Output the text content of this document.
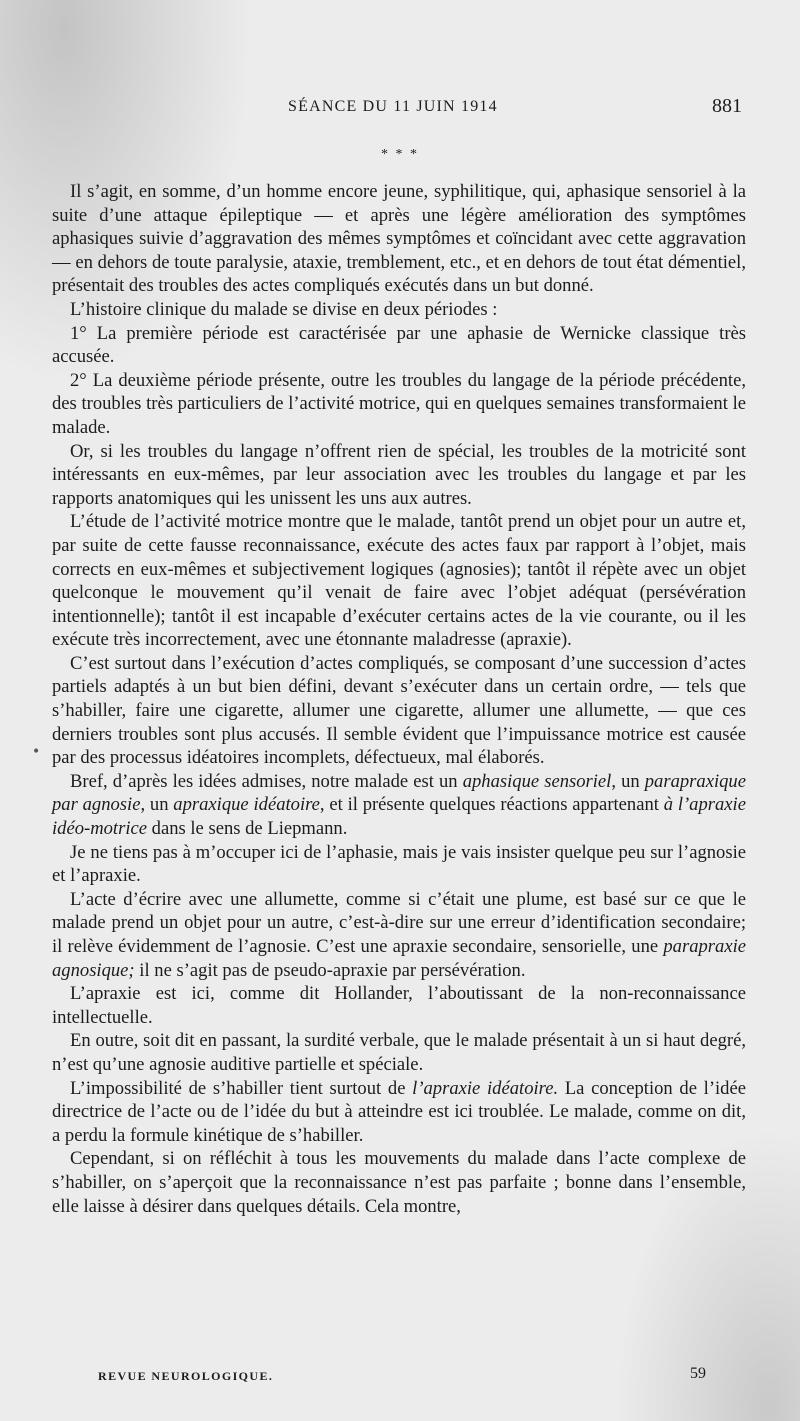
SÉANCE DU 11 JUIN 1914	881
* * *
•

Il s’agit, en somme, d’un homme encore jeune, syphilitique, qui, aphasique sensoriel à la suite d’une attaque épileptique — et après une légère amélioration des symptômes aphasiques suivie d’aggravation des mêmes symptômes et coïncidant avec cette aggravation — en dehors de toute paralysie, ataxie, tremblement, etc., et en dehors de tout état démentiel, présentait des troubles des actes compliqués exécutés dans un but donné.

L’histoire clinique du malade se divise en deux périodes :

1° La première période est caractérisée par une aphasie de Wernicke classique très accusée.

2° La deuxième période présente, outre les troubles du langage de la période précédente, des troubles très particuliers de l’activité motrice, qui en quelques semaines transformaient le malade.

Or, si les troubles du langage n’offrent rien de spécial, les troubles de la motricité sont intéressants en eux-mêmes, par leur association avec les troubles du langage et par les rapports anatomiques qui les unissent les uns aux autres.

L’étude de l’activité motrice montre que le malade, tantôt prend un objet pour un autre et, par suite de cette fausse reconnaissance, exécute des actes faux par rapport à l’objet, mais corrects en eux-mêmes et subjectivement logiques (agnosies); tantôt il répète avec un objet quelconque le mouvement qu’il venait de faire avec l’objet adéquat (persévération intentionnelle); tantôt il est incapable d’exécuter certains actes de la vie courante, ou il les exécute très incorrectement, avec une étonnante maladresse (apraxie).

C’est surtout dans l’exécution d’actes compliqués, se composant d’une succession d’actes partiels adaptés à un but bien défini, devant s’exécuter dans un certain ordre, — tels que s’habiller, faire une cigarette, allumer une cigarette, allumer une allumette, — que ces derniers troubles sont plus accusés. Il semble évident que l’impuissance motrice est causée par des processus idéatoires incomplets, défectueux, mal élaborés.

Bref, d’après les idées admises, notre malade est un aphasique sensoriel, un parapraxique par agnosie, un apraxique idéatoire, et il présente quelques réactions appartenant à l’apraxie idéo-motrice dans le sens de Liepmann.

Je ne tiens pas à m’occuper ici de l’aphasie, mais je vais insister quelque peu sur l’agnosie et l’apraxie.

L’acte d’écrire avec une allumette, comme si c’était une plume, est basé sur ce que le malade prend un objet pour un autre, c’est-à-dire sur une erreur d’identification secondaire; il relève évidemment de l’agnosie. C’est une apraxie secondaire, sensorielle, une parapraxie agnosique; il ne s’agit pas de pseudo-apraxie par persévération.

L’apraxie est ici, comme dit Hollander, l’aboutissant de la non-reconnaissance intellectuelle.

En outre, soit dit en passant, la surdité verbale, que le malade présentait à un si haut degré, n’est qu’une agnosie auditive partielle et spéciale.

L’impossibilité de s’habiller tient surtout de l’apraxie idéatoire. La conception de l’idée directrice de l’acte ou de l’idée du but à atteindre est ici troublée. Le malade, comme on dit, a perdu la formule kinétique de s’habiller.

Cependant, si on réfléchit à tous les mouvements du malade dans l’acte complexe de s’habiller, on s’aperçoit que la reconnaissance n’est pas parfaite ; bonne dans l’ensemble, elle laisse à désirer dans quelques détails. Cela montre,

REVUE NEUROLOGIQUE.	59
